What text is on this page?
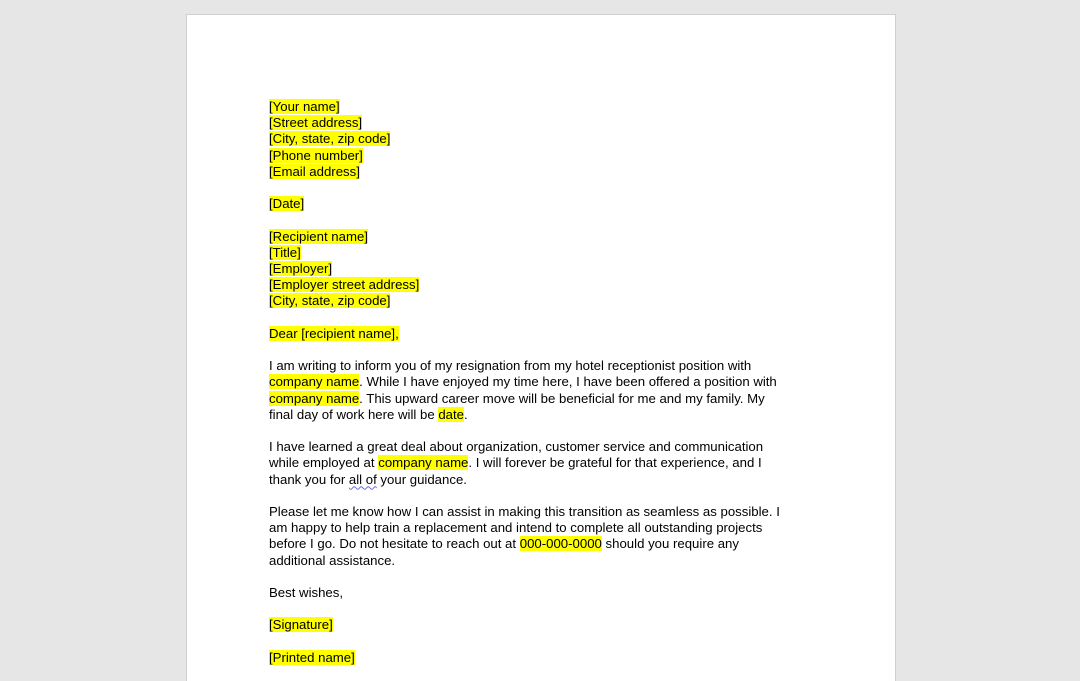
[Your name]
[Street address]
[City, state, zip code]
[Phone number]
[Email address]
[Date]
[Recipient name]
[Title]
[Employer]
[Employer street address]
[City, state, zip code]
Dear [recipient name],
I am writing to inform you of my resignation from my hotel receptionist position with
company name. While I have enjoyed my time here, I have been offered a position with
company name. This upward career move will be beneficial for me and my family. My
final day of work here will be date.
I have learned a great deal about organization, customer service and communication
while employed at company name. I will forever be grateful for that experience, and I
thank you for all of your guidance.
Please let me know how I can assist in making this transition as seamless as possible. I
am happy to help train a replacement and intend to complete all outstanding projects
before I go. Do not hesitate to reach out at 000-000-0000 should you require any
additional assistance.
Best wishes,
[Signature]
[Printed name]
